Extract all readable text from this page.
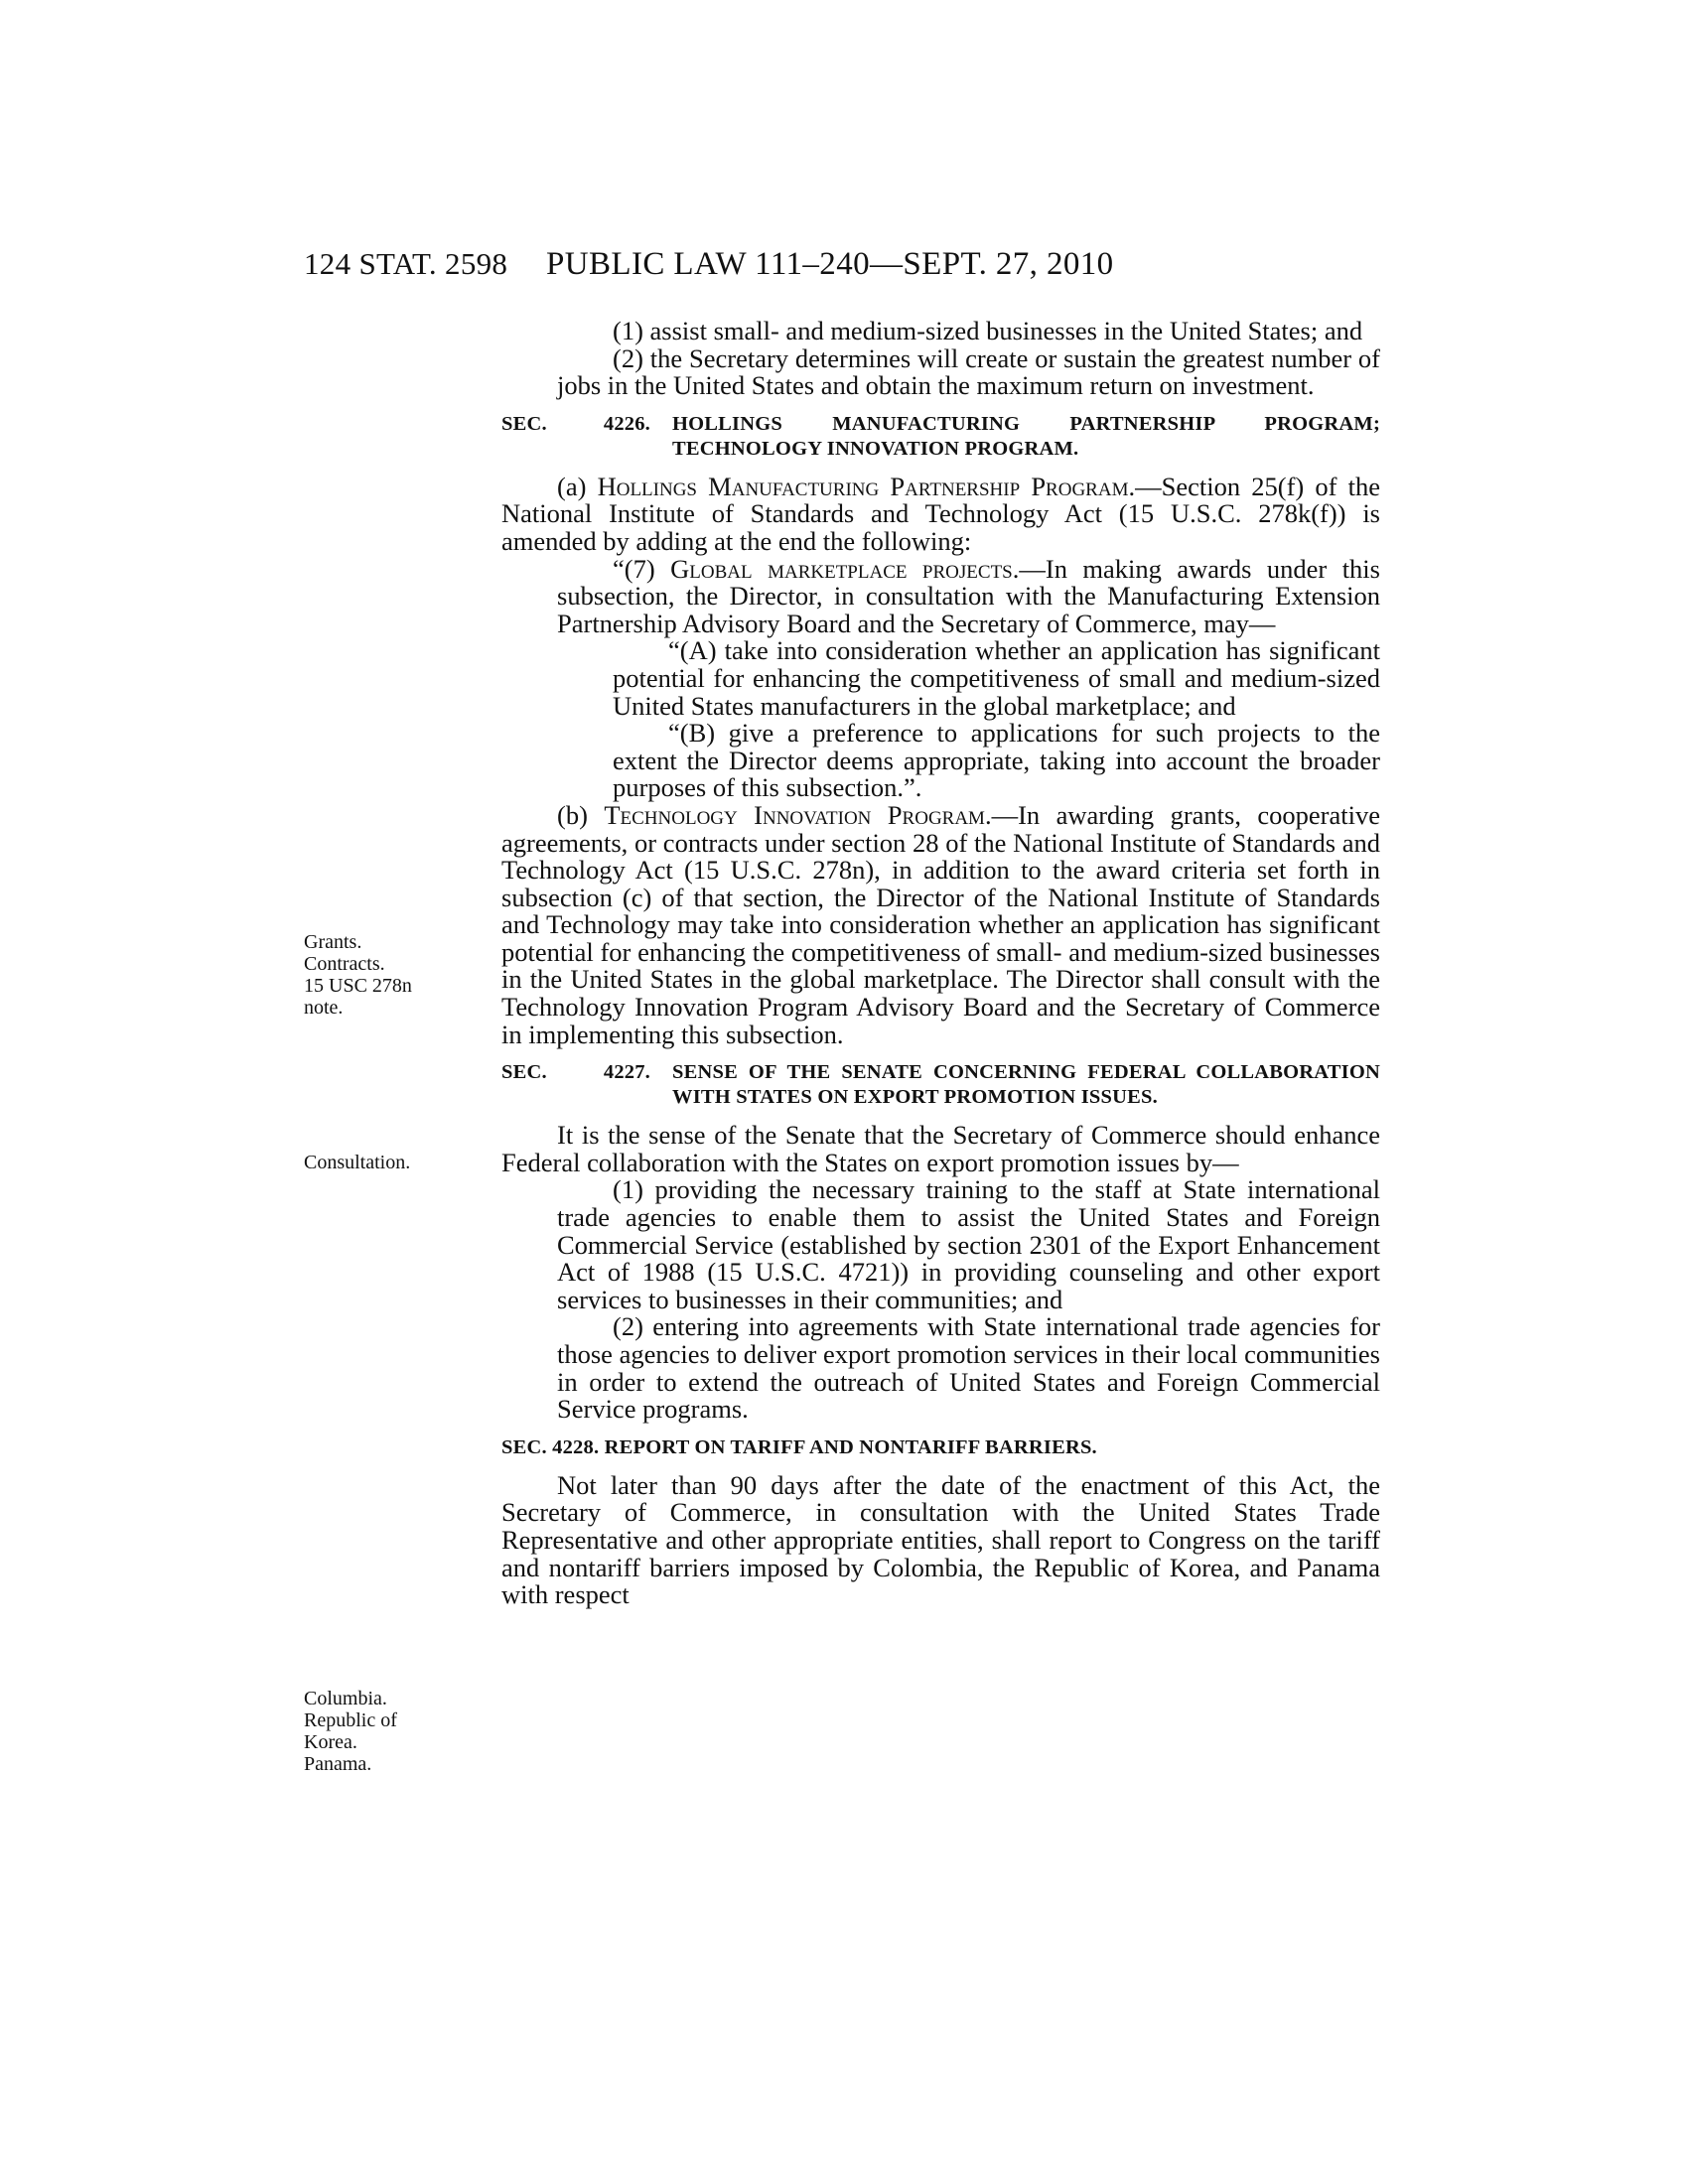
124 STAT. 2598 PUBLIC LAW 111–240—SEPT. 27, 2010
Grants.
Contracts.
15 USC 278n
note.
Consultation.
Columbia.
Republic of
Korea.
Panama.

(1) assist small- and medium-sized businesses in the United States; and

(2) the Secretary determines will create or sustain the greatest number of jobs in the United States and obtain the maximum return on investment.

SEC.	4226. HOLLINGS MANUFACTURING PARTNERSHIP PROGRAM; TECHNOLOGY INNOVATION PROGRAM.

(a) Hollings Manufacturing Partnership Program.—Section 25(f) of the National Institute of Standards and Technology Act (15 U.S.C. 278k(f)) is amended by adding at the end the following:

“(7) Global marketplace projects.—In making awards under this subsection, the Director, in consultation with the Manufacturing Extension Partnership Advisory Board and the Secretary of Commerce, may—

“(A) take into consideration whether an application has significant potential for enhancing the competitiveness of small and medium-sized United States manufacturers in the global marketplace; and

“(B) give a preference to applications for such projects to the extent the Director deems appropriate, taking into account the broader purposes of this subsection.”.

(b) Technology Innovation Program.—In awarding grants, cooperative agreements, or contracts under section 28 of the National Institute of Standards and Technology Act (15 U.S.C. 278n), in addition to the award criteria set forth in subsection (c) of that section, the Director of the National Institute of Standards and Technology may take into consideration whether an application has significant potential for enhancing the competitiveness of small- and medium-sized businesses in the United States in the global marketplace. The Director shall consult with the Technology Innovation Program Advisory Board and the Secretary of Commerce in implementing this subsection.

SEC.	4227. SENSE OF THE SENATE CONCERNING FEDERAL COLLABORATION WITH STATES ON EXPORT PROMOTION ISSUES.

It is the sense of the Senate that the Secretary of Commerce should enhance Federal collaboration with the States on export promotion issues by—

(1) providing the necessary training to the staff at State international trade agencies to enable them to assist the United States and Foreign Commercial Service (established by section 2301 of the Export Enhancement Act of 1988 (15 U.S.C. 4721)) in providing counseling and other export services to businesses in their communities; and

(2) entering into agreements with State international trade agencies for those agencies to deliver export promotion services in their local communities in order to extend the outreach of United States and Foreign Commercial Service programs.

SEC. 4228. REPORT ON TARIFF AND NONTARIFF BARRIERS.

Not later than 90 days after the date of the enactment of this Act, the Secretary of Commerce, in consultation with the United States Trade Representative and other appropriate entities, shall report to Congress on the tariff and nontariff barriers imposed by Colombia, the Republic of Korea, and Panama with respect
